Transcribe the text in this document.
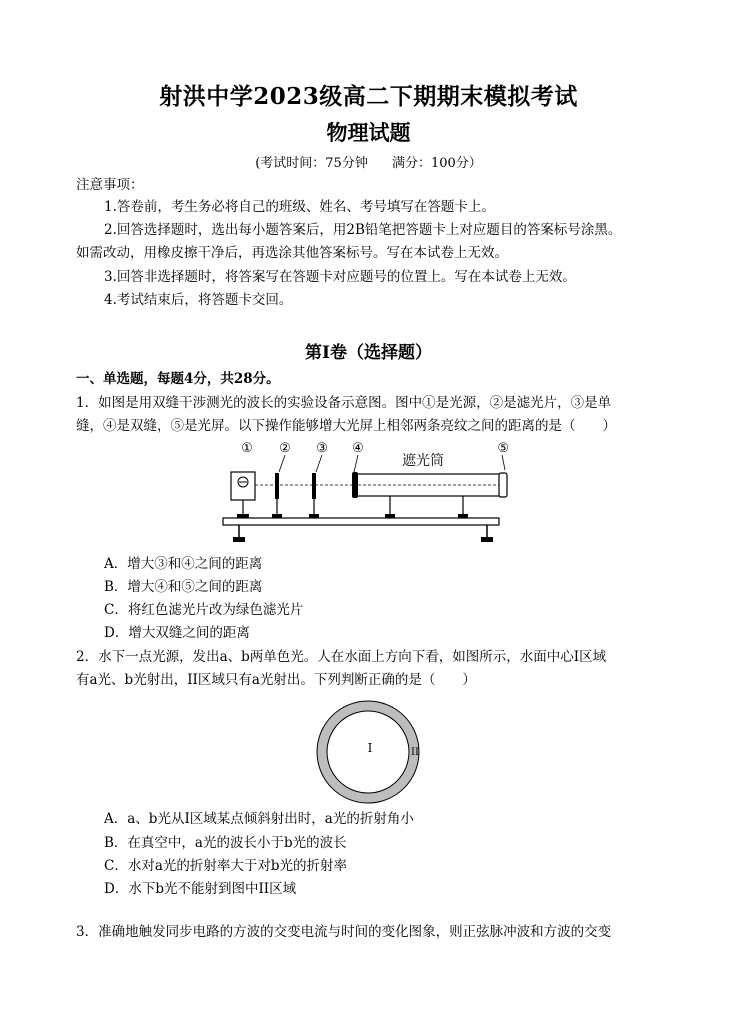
射洪中学2023级高二下期期末模拟考试
物理试题
(考试时间：75分钟 满分：100分）
注意事项：
1.答卷前，考生务必将自己的班级、姓名、考号填写在答题卡上。
2.回答选择题时，选出每小题答案后，用2B铅笔把答题卡上对应题目的答案标号涂黑。
如需改动，用橡皮擦干净后，再选涂其他答案标号。写在本试卷上无效。
3.回答非选择题时，将答案写在答题卡对应题号的位置上。写在本试卷上无效。
4.考试结束后，将答题卡交回。
第I卷（选择题）
一、单选题，每题4分，共28分。
1．如图是用双缝干涉测光的波长的实验设备示意图。图中①是光源，②是滤光片，③是单
缝，④是双缝，⑤是光屏。以下操作能够增大光屏上相邻两条亮纹之间的距离的是（　　）
① ② ③ ④	⑤
遮光筒
A．增大③和④之间的距离
B．增大④和⑤之间的距离
C．将红色滤光片改为绿色滤光片
D．增大双缝之间的距离
2．水下一点光源，发出a、b两单色光。人在水面上方向下看，如图所示，水面中心I区域
有a光、b光射出，II区域只有a光射出。下列判断正确的是（　　）
I	II
A．a、b光从I区域某点倾斜射出时，a光的折射角小
B．在真空中，a光的波长小于b光的波长
C．水对a光的折射率大于对b光的折射率
D．水下b光不能射到图中II区域
3．准确地触发同步电路的方波的交变电流与时间的变化图象，则正弦脉冲波和方波的交变
